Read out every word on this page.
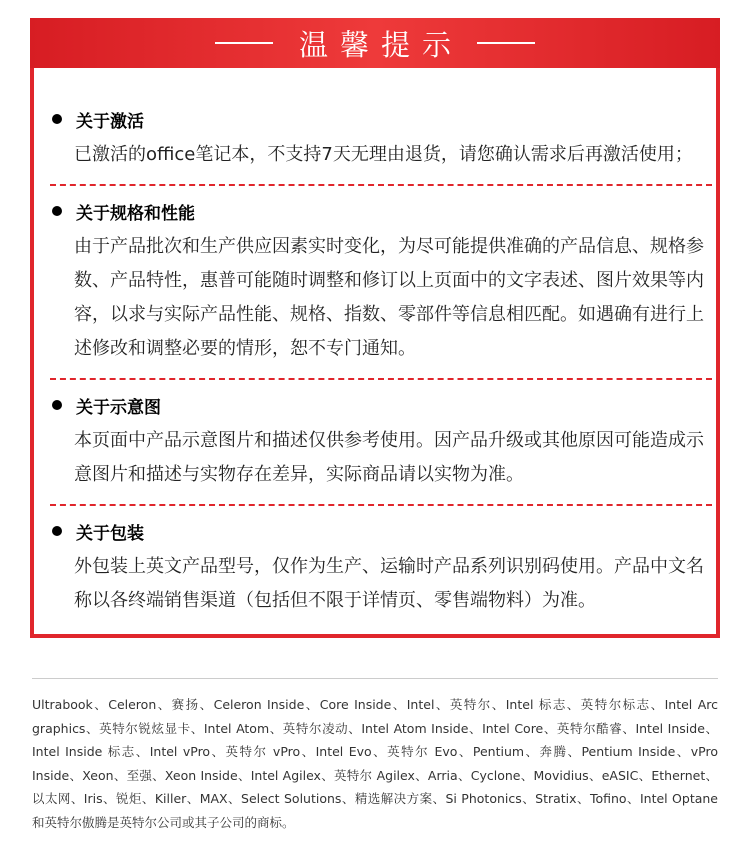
温馨提示
关于激活
已激活的office笔记本，不支持7天无理由退货，请您确认需求后再激活使用；
关于规格和性能
由于产品批次和生产供应因素实时变化，为尽可能提供准确的产品信息、规格参数、产品特性，惠普可能随时调整和修订以上页面中的文字表述、图片效果等内容，以求与实际产品性能、规格、指数、零部件等信息相匹配。如遇确有进行上述修改和调整必要的情形，恕不专门通知。
关于示意图
本页面中产品示意图片和描述仅供参考使用。因产品升级或其他原因可能造成示意图片和描述与实物存在差异，实际商品请以实物为准。
关于包装
外包装上英文产品型号，仅作为生产、运输时产品系列识别码使用。产品中文名称以各终端销售渠道（包括但不限于详情页、零售端物料）为准。
Ultrabook、Celeron、赛扬、Celeron Inside、Core Inside、Intel、英特尔、Intel 标志、英特尔标志、Intel Arc graphics、英特尔锐炫显卡、Intel Atom、英特尔凌动、Intel Atom Inside、Intel Core、英特尔酷睿、Intel Inside、Intel Inside 标志、Intel vPro、英特尔 vPro、Intel Evo、英特尔 Evo、Pentium、奔腾、Pentium Inside、vPro Inside、Xeon、至强、Xeon Inside、Intel Agilex、英特尔 Agilex、Arria、Cyclone、Movidius、eASIC、Ethernet、以太网、Iris、锐炬、Killer、MAX、Select Solutions、精选解决方案、Si Photonics、Stratix、Tofino、Intel Optane 和英特尔傲腾是英特尔公司或其子公司的商标。
